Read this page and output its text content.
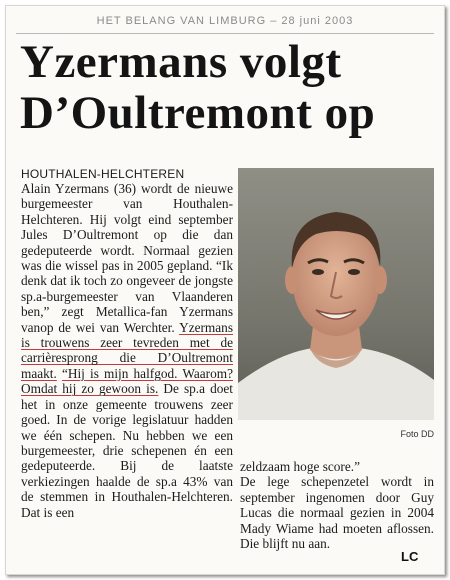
HET BELANG VAN LIMBURG – 28 juni 2003
Yzermans volgt
D’Oultremont op
HOUTHALEN-HELCHTEREN

Alain Yzermans (36) wordt de nieuwe burgemeester van Houthalen-Helchteren. Hij volgt eind september Jules D’Oultremont op die dan gedeputeerde wordt. Normaal gezien was die wissel pas in 2005 gepland. “Ik denk dat ik toch zo ongeveer de jongste sp.a-burgemeester van Vlaanderen ben,” zegt Metallica-fan Yzermans vanop de wei van Werchter. Yzermans is trouwens zeer tevreden met de carrièresprong die D’Oultremont maakt. “Hij is mijn halfgod. Waarom? Omdat hij zo gewoon is. De sp.a doet het in onze gemeente trouwens zeer goed. In de vorige legislatuur hadden we één schepen. Nu hebben we een burgemeester, drie schepenen én een gedeputeerde. Bij de laatste verkiezingen haalde de sp.a 43% van de stemmen in Houthalen-Helchteren. Dat is een

Foto DD

zeldzaam hoge score.”

De lege schepenzetel wordt in september ingenomen door Guy Lucas die normaal gezien in 2004 Mady Wiame had moeten aflossen. Die blijft nu aan.

LC
